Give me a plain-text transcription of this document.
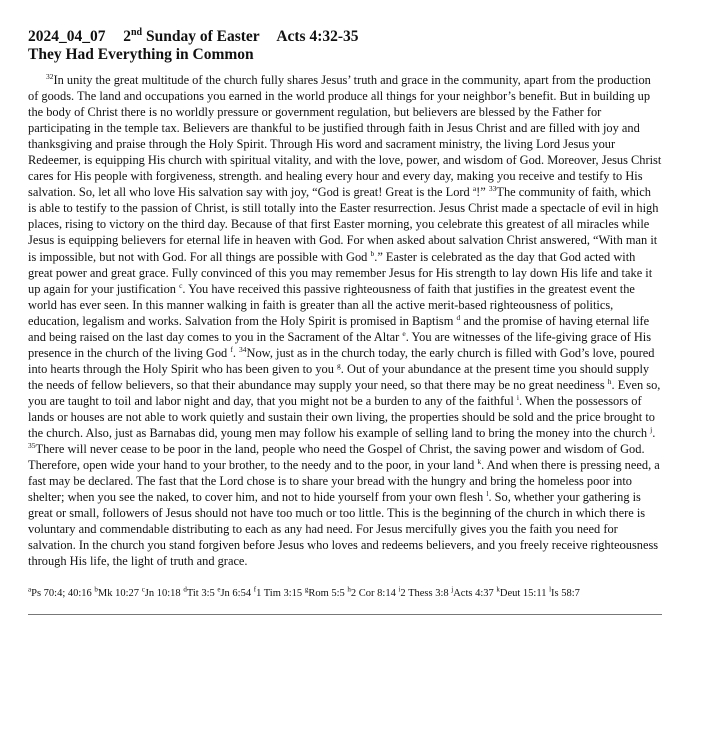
2024_04_07 2nd Sunday of Easter Acts 4:32-35
They Had Everything in Common

$^{32}$In unity the great multitude of the church fully shares Jesus’ truth and grace in the community, apart from the production of goods. The land and occupations you earned in the world produce all things for your neighbor’s benefit. But in building up the body of Christ there is no worldly pressure or government regulation, but believers are blessed by the Father for participating in the temple tax. Believers are thankful to be justified through faith in Jesus Christ and are filled with joy and thanksgiving and praise through the Holy Spirit. Through His word and sacrament ministry, the living Lord Jesus your Redeemer, is equipping His church with spiritual vitality, and with the love, power, and wisdom of God. Moreover, Jesus Christ cares for His people with forgiveness, strength. and healing every hour and every day, making you receive and testify to His salvation. So, let all who love His salvation say with joy, “God is great! Great is the Lord $^a$!” $^{33}$The community of faith, which is able to testify to the passion of Christ, is still totally into the Easter resurrection. Jesus Christ made a spectacle of evil in high places, rising to victory on the third day. Because of that first Easter morning, you celebrate this greatest of all miracles while Jesus is equipping believers for eternal life in heaven with God. For when asked about salvation Christ answered, “With man it is impossible, but not with God. For all things are possible with God $^b$.” Easter is celebrated as the day that God acted with great power and great grace. Fully convinced of this you may remember Jesus for His strength to lay down His life and take it up again for your justification $^c$. You have received this passive righteousness of faith that justifies in the greatest event the world has ever seen. In this manner walking in faith is greater than all the active merit-based righteousness of politics, education, legalism and works. Salvation from the Holy Spirit is promised in Baptism $^d$ and the promise of having eternal life and being raised on the last day comes to you in the Sacrament of the Altar $^e$. You are witnesses of the life-giving grace of His presence in the church of the living God $^f$. $^{34}$Now, just as in the church today, the early church is filled with God’s love, poured into hearts through the Holy Spirit who has been given to you $^g$. Out of your abundance at the present time you should supply the needs of fellow believers, so that their abundance may supply your need, so that there may be no great neediness $^h$. Even so, you are taught to toil and labor night and day, that you might not be a burden to any of the faithful $^i$. When the possessors of lands or houses are not able to work quietly and sustain their own living, the properties should be sold and the price brought to the church. Also, just as Barnabas did, young men may follow his example of selling land to bring the money into the church $^j$. $^{35}$There will never cease to be poor in the land, people who need the Gospel of Christ, the saving power and wisdom of God. Therefore, open wide your hand to your brother, to the needy and to the poor, in your land $^k$. And when there is pressing need, a fast may be declared. The fast that the Lord chose is to share your bread with the hungry and bring the homeless poor into shelter; when you see the naked, to cover him, and not to hide yourself from your own flesh $^l$. So, whether your gathering is great or small, followers of Jesus should not have too much or too little. This is the beginning of the church in which there is voluntary and commendable distributing to each as any had need. For Jesus mercifully gives you the faith you need for salvation. In the church you stand forgiven before Jesus who loves and redeems believers, and you freely receive righteousness through His life, the light of truth and grace.

$^a$Ps 70:4; 40:16 $^b$Mk 10:27 $^c$Jn 10:18 $^d$Tit 3:5 $^e$Jn 6:54 $^f$1 Tim 3:15 $^g$Rom 5:5 $^h$2 Cor 8:14 $^i$2 Thess 3:8 $^j$Acts 4:37 $^k$Deut 15:11 $^l$Is 58:7
